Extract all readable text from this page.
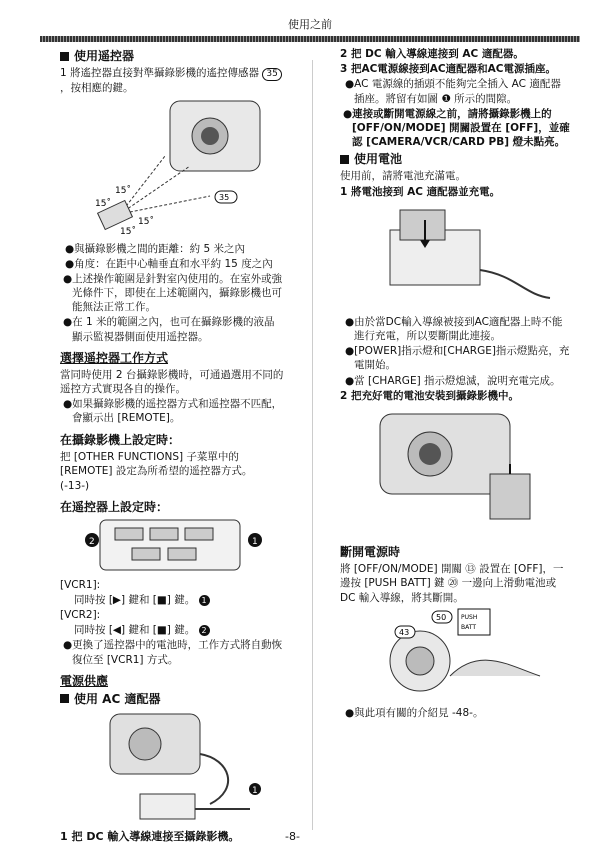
使用之前
使用遥控器

1 將遙控器直接對準攝錄影機的遙控傳感器 35，按相應的鍵。

15˚
15˚
15˚
15˚
35

●與攝錄影機之間的距離：約 5 米之內

●角度：在距中心軸垂直和水平約 15 度之內

●上述操作範圍是針對室內使用的。在室外或強光條件下，即使在上述範圍內，攝錄影機也可能無法正常工作。

●在 1 米的範圍之內，也可在攝錄影機的液晶顯示監視器側面使用遥控器。

選擇遥控器工作方式

當同時使用 2 台攝錄影機時，可通過選用不同的遥控方式實現各自的操作。

●如果攝錄影機的遥控器方式和遥控器不匹配，會顯示出 [REMOTE]。

在攝錄影機上設定時：

把 [OTHER FUNCTIONS] 子菜單中的 [REMOTE] 設定為所希望的遥控器方式。

(-13-)

在遥控器上設定時：
2	1

[VCR1]:

同時按 [▶] 鍵和 [■] 鍵。 1

[VCR2]:

同時按 [◀] 鍵和 [■] 鍵。 2

●更換了遥控器中的電池時，工作方式將自動恢復位至 [VCR1] 方式。

電源供應
使用 AC 適配器
1

2 把 DC 輸入導線連接到 AC 適配器。

3 把AC電源線接到AC適配器和AC電源插座。

●AC 電源線的插頭不能夠完全插入 AC 適配器插座。將留有如圖 ❶ 所示的間隙。

●連接或斷開電源線之前，請將攝錄影機上的 [OFF/ON/MODE] 開關設置在 [OFF]，並確認 [CAMERA/VCR/CARD PB] 燈未點亮。

使用電池

使用前，請將電池充滿電。

1 將電池接到 AC 適配器並充電。

●由於當DC輸入導線被接到AC適配器上時不能進行充電，所以要斷開此連接。

●[POWER]指示燈和[CHARGE]指示燈點亮，充電開始。

●當 [CHARGE] 指示燈熄滅，說明充電完成。

2 把充好電的電池安裝到攝錄影機中。

斷開電源時

將 [OFF/ON/MODE] 開關 ⑬ 設置在 [OFF]，一邊按 [PUSH BATT] 鍵 ⑳ 一邊向上滑動電池或 DC 輸入導線，將其斷開。

50
43
PUSH
BATT

●與此項有關的介紹見 -48-。

1 把 DC 輸入導線連接至攝錄影機。	-8-
